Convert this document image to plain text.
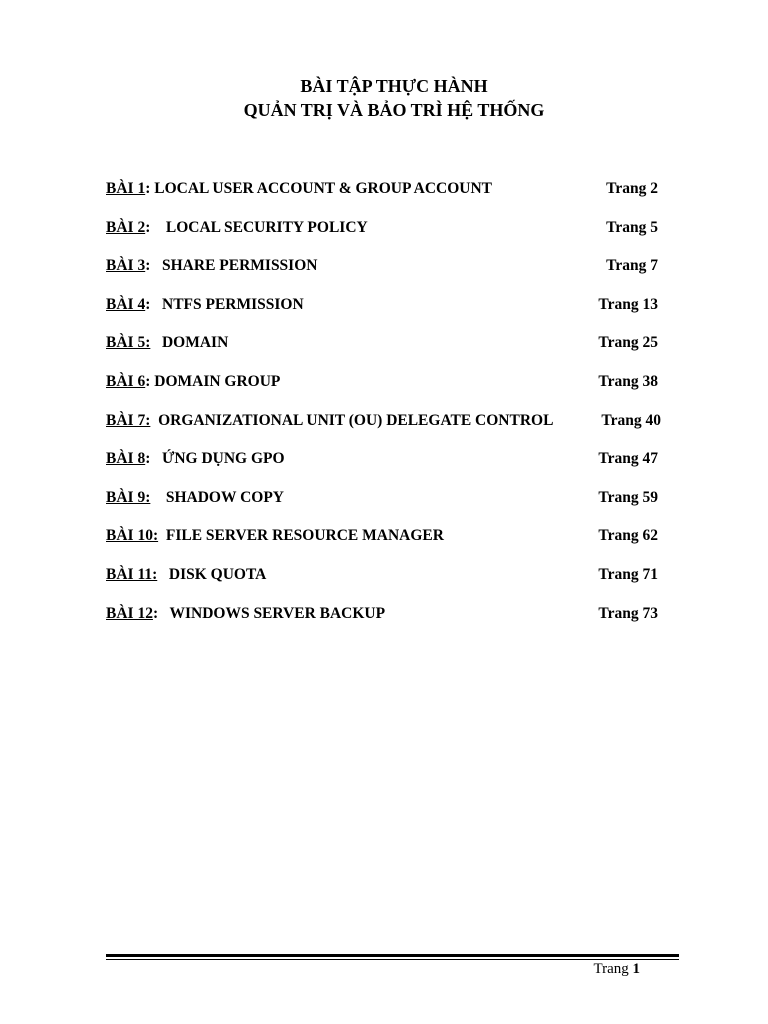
BÀI TẬP THỰC HÀNH
QUẢN TRỊ VÀ BẢO TRÌ HỆ THỐNG
BÀI 1: LOCAL USER ACCOUNT & GROUP ACCOUNT	Trang 2
BÀI 2:    LOCAL SECURITY POLICY	Trang 5
BÀI 3:   SHARE PERMISSION	Trang 7
BÀI 4:   NTFS PERMISSION	Trang 13
BÀI 5: DOMAIN	Trang 25
BÀI 6: DOMAIN GROUP	Trang 38
BÀI 7: ORGANIZATIONAL UNIT (OU) DELEGATE CONTROL	Trang 40
BÀI 8:   ỨNG DỤNG GPO	Trang 47
BÀI 9: SHADOW COPY	Trang 59
BÀI 10: FILE SERVER RESOURCE MANAGER	Trang 62
BÀI 11: DISK QUOTA	Trang 71
BÀI 12:   WINDOWS SERVER BACKUP	Trang 73
Trang 1
